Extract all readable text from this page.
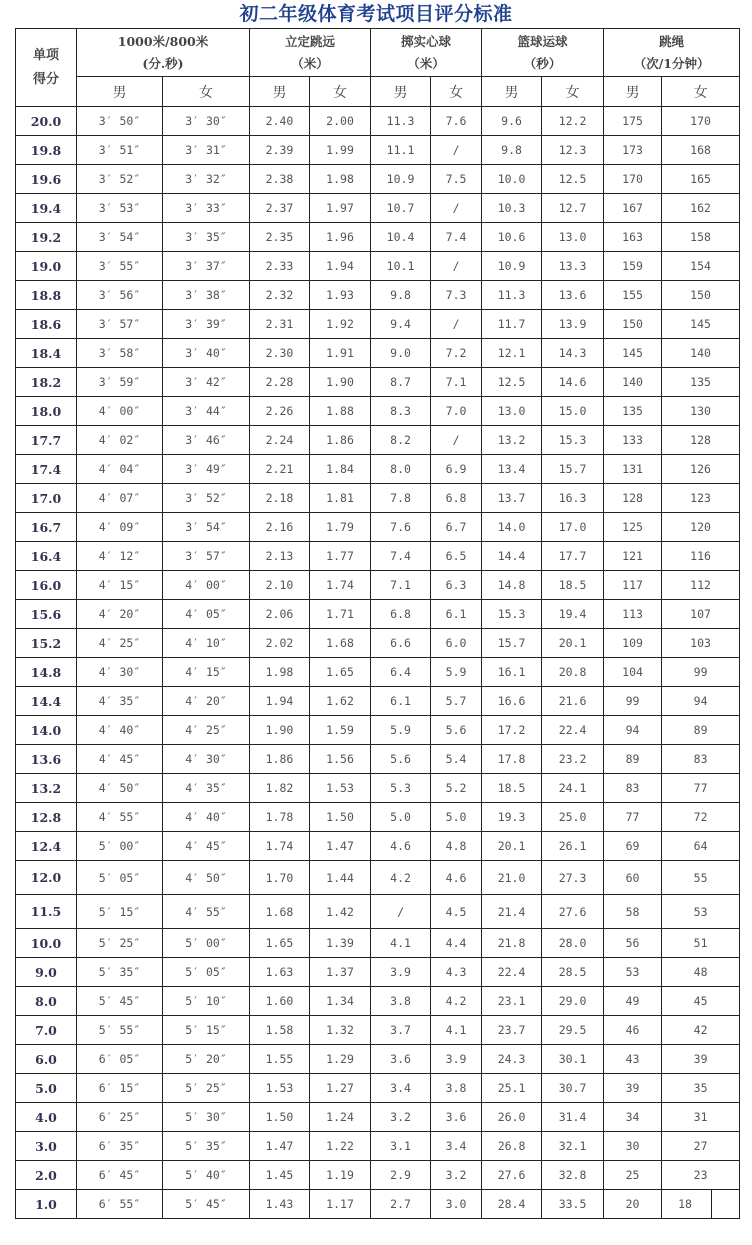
初二年级体育考试项目评分标准
单项
得分

1000米/800米
(分.秒)

立定跳远
（米）

掷实心球
（米）

篮球运球
（秒）

跳绳
（次/1分钟）

	男	女	男	女	男	女	男	女	男	女
20.0	3′ 50″	3′ 30″	2.40	2.00	11.3	7.6	9.6	12.2	175	170
19.8	3′ 51″	3′ 31″	2.39	1.99	11.1	/	9.8	12.3	173	168
19.6	3′ 52″	3′ 32″	2.38	1.98	10.9	7.5	10.0	12.5	170	165
19.4	3′ 53″	3′ 33″	2.37	1.97	10.7	/	10.3	12.7	167	162
19.2	3′ 54″	3′ 35″	2.35	1.96	10.4	7.4	10.6	13.0	163	158
19.0	3′ 55″	3′ 37″	2.33	1.94	10.1	/	10.9	13.3	159	154
18.8	3′ 56″	3′ 38″	2.32	1.93	9.8	7.3	11.3	13.6	155	150
18.6	3′ 57″	3′ 39″	2.31	1.92	9.4	/	11.7	13.9	150	145
18.4	3′ 58″	3′ 40″	2.30	1.91	9.0	7.2	12.1	14.3	145	140
18.2	3′ 59″	3′ 42″	2.28	1.90	8.7	7.1	12.5	14.6	140	135
18.0	4′ 00″	3′ 44″	2.26	1.88	8.3	7.0	13.0	15.0	135	130
17.7	4′ 02″	3′ 46″	2.24	1.86	8.2	/	13.2	15.3	133	128
17.4	4′ 04″	3′ 49″	2.21	1.84	8.0	6.9	13.4	15.7	131	126
17.0	4′ 07″	3′ 52″	2.18	1.81	7.8	6.8	13.7	16.3	128	123
16.7	4′ 09″	3′ 54″	2.16	1.79	7.6	6.7	14.0	17.0	125	120
16.4	4′ 12″	3′ 57″	2.13	1.77	7.4	6.5	14.4	17.7	121	116
16.0	4′ 15″	4′ 00″	2.10	1.74	7.1	6.3	14.8	18.5	117	112
15.6	4′ 20″	4′ 05″	2.06	1.71	6.8	6.1	15.3	19.4	113	107
15.2	4′ 25″	4′ 10″	2.02	1.68	6.6	6.0	15.7	20.1	109	103
14.8	4′ 30″	4′ 15″	1.98	1.65	6.4	5.9	16.1	20.8	104	99
14.4	4′ 35″	4′ 20″	1.94	1.62	6.1	5.7	16.6	21.6	99	94
14.0	4′ 40″	4′ 25″	1.90	1.59	5.9	5.6	17.2	22.4	94	89
13.6	4′ 45″	4′ 30″	1.86	1.56	5.6	5.4	17.8	23.2	89	83
13.2	4′ 50″	4′ 35″	1.82	1.53	5.3	5.2	18.5	24.1	83	77
12.8	4′ 55″	4′ 40″	1.78	1.50	5.0	5.0	19.3	25.0	77	72
12.4	5′ 00″	4′ 45″	1.74	1.47	4.6	4.8	20.1	26.1	69	64
12.0	5′ 05″	4′ 50″	1.70	1.44	4.2	4.6	21.0	27.3	60	55
11.5	5′ 15″	4′ 55″	1.68	1.42	/	4.5	21.4	27.6	58	53
10.0	5′ 25″	5′ 00″	1.65	1.39	4.1	4.4	21.8	28.0	56	51
9.0	5′ 35″	5′ 05″	1.63	1.37	3.9	4.3	22.4	28.5	53	48
8.0	5′ 45″	5′ 10″	1.60	1.34	3.8	4.2	23.1	29.0	49	45
7.0	5′ 55″	5′ 15″	1.58	1.32	3.7	4.1	23.7	29.5	46	42
6.0	6′ 05″	5′ 20″	1.55	1.29	3.6	3.9	24.3	30.1	43	39
5.0	6′ 15″	5′ 25″	1.53	1.27	3.4	3.8	25.1	30.7	39	35
4.0	6′ 25″	5′ 30″	1.50	1.24	3.2	3.6	26.0	31.4	34	31
3.0	6′ 35″	5′ 35″	1.47	1.22	3.1	3.4	26.8	32.1	30	27
2.0	6′ 45″	5′ 40″	1.45	1.19	2.9	3.2	27.6	32.8	25	23
1.0	6′ 55″	5′ 45″	1.43	1.17	2.7	3.0	28.4	33.5	20	18
